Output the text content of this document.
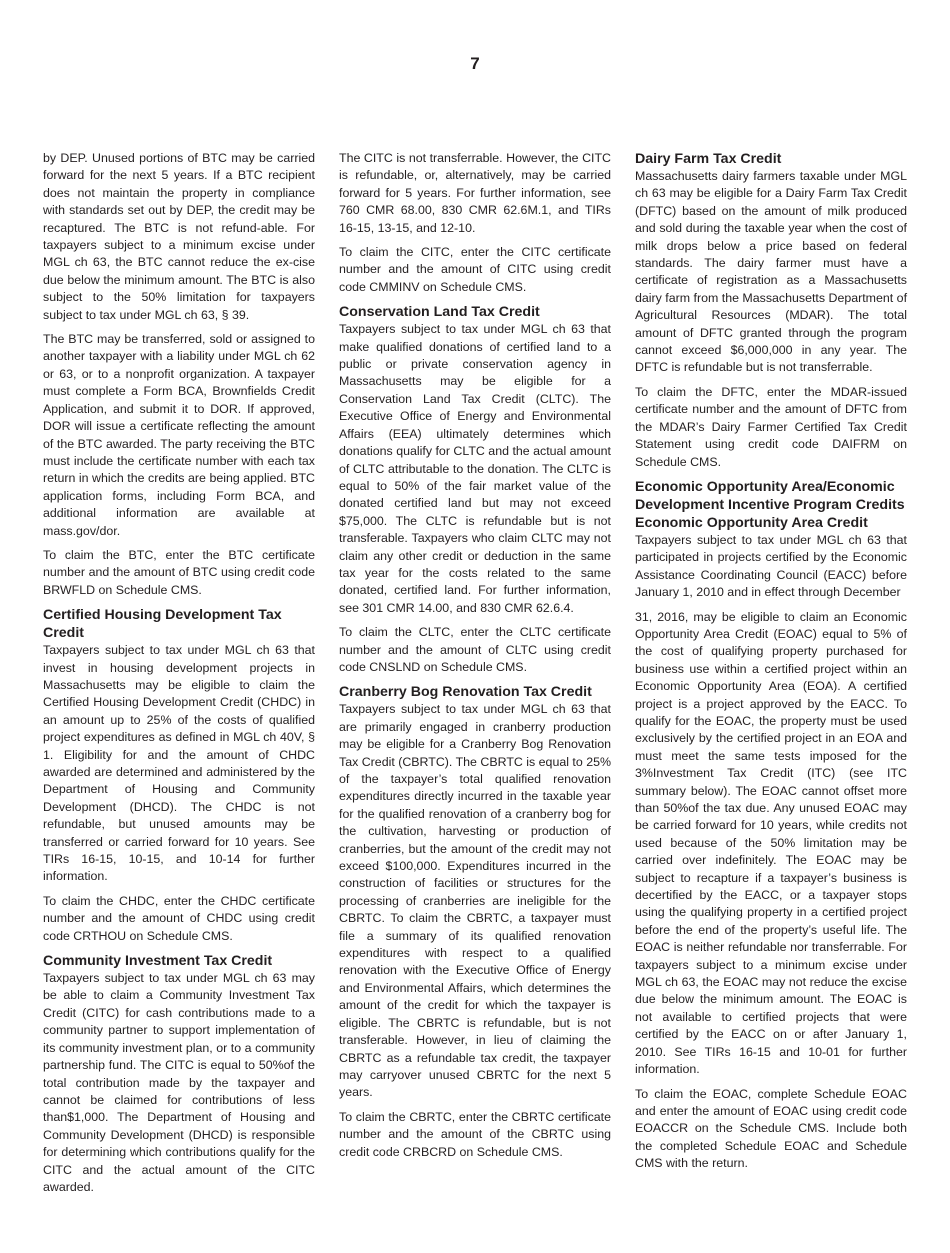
7

by DEP. Unused portions of BTC may be carried forward for the next 5 years. If a BTC recipient does not maintain the property in compliance with standards set out by DEP, the credit may be recaptured. The BTC is not refund-able. For taxpayers subject to a minimum excise under MGL ch 63, the BTC cannot reduce the ex-cise due below the minimum amount. The BTC is also subject to the 50% limitation for taxpayers subject to tax under MGL ch 63, § 39.

The BTC may be transferred, sold or assigned to another taxpayer with a liability under MGL ch 62 or 63, or to a nonprofit organization. A taxpayer must complete a Form BCA, Brownfields Credit Application, and submit it to DOR. If approved, DOR will issue a certificate reflecting the amount of the BTC awarded. The party receiving the BTC must include the certificate number with each tax return in which the credits are being applied. BTC application forms, including Form BCA, and additional information are available at mass.gov/dor.

To claim the BTC, enter the BTC certificate number and the amount of BTC using credit code BRWFLD on Schedule CMS.

Certified Housing Development Tax Credit

Taxpayers subject to tax under MGL ch 63 that invest in housing development projects in Massachusetts may be eligible to claim the Certified Housing Development Credit (CHDC) in an amount up to 25% of the costs of qualified project expenditures as defined in MGL ch 40V, § 1. Eligibility for and the amount of CHDC awarded are determined and administered by the Department of Housing and Community Development (DHCD). The CHDC is not refundable, but unused amounts may be transferred or carried forward for 10 years. See TIRs 16-15, 10-15, and 10-14 for further information.

To claim the CHDC, enter the CHDC certificate number and the amount of CHDC using credit code CRTHOU on Schedule CMS.

Community Investment Tax Credit

Taxpayers subject to tax under MGL ch 63 may be able to claim a Community Investment Tax Credit (CITC) for cash contributions made to a community partner to support implementation of its community investment plan, or to a community partnership fund. The CITC is equal to 50%of the total contribution made by the taxpayer and cannot be claimed for contributions of less than$1,000. The Department of Housing and Community Development (DHCD) is responsible for determining which contributions qualify for the CITC and the actual amount of the CITC awarded.

The CITC is not transferrable. However, the CITC is refundable, or, alternatively, may be carried forward for 5 years. For further information, see 760 CMR 68.00, 830 CMR 62.6M.1, and TIRs 16-15, 13-15, and 12-10.

To claim the CITC, enter the CITC certificate number and the amount of CITC using credit code CMMINV on Schedule CMS.

Conservation Land Tax Credit

Taxpayers subject to tax under MGL ch 63 that make qualified donations of certified land to a public or private conservation agency in Massachusetts may be eligible for a Conservation Land Tax Credit (CLTC). The Executive Office of Energy and Environmental Affairs (EEA) ultimately determines which donations qualify for CLTC and the actual amount of CLTC attributable to the donation. The CLTC is equal to 50% of the fair market value of the donated certified land but may not exceed $75,000. The CLTC is refundable but is not transferable. Taxpayers who claim CLTC may not claim any other credit or deduction in the same tax year for the costs related to the same donated, certified land. For further information, see 301 CMR 14.00, and 830 CMR 62.6.4.

To claim the CLTC, enter the CLTC certificate number and the amount of CLTC using credit code CNSLND on Schedule CMS.

Cranberry Bog Renovation Tax Credit

Taxpayers subject to tax under MGL ch 63 that are primarily engaged in cranberry production may be eligible for a Cranberry Bog Renovation Tax Credit (CBRTC). The CBRTC is equal to 25% of the taxpayer’s total qualified renovation expenditures directly incurred in the taxable year for the qualified renovation of a cranberry bog for the cultivation, harvesting or production of cranberries, but the amount of the credit may not exceed $100,000. Expenditures incurred in the construction of facilities or structures for the processing of cranberries are ineligible for the CBRTC. To claim the CBRTC, a taxpayer must file a summary of its qualified renovation expenditures with respect to a qualified renovation with the Executive Office of Energy and Environmental Affairs, which determines the amount of the credit for which the taxpayer is eligible. The CBRTC is refundable, but is not transferable. However, in lieu of claiming the CBRTC as a refundable tax credit, the taxpayer may carryover unused CBRTC for the next 5 years.

To claim the CBRTC, enter the CBRTC certificate number and the amount of the CBRTC using credit code CRBCRD on Schedule CMS.

Dairy Farm Tax Credit

Massachusetts dairy farmers taxable under MGL ch 63 may be eligible for a Dairy Farm Tax Credit (DFTC) based on the amount of milk produced and sold during the taxable year when the cost of milk drops below a price based on federal standards. The dairy farmer must have a certificate of registration as a Massachusetts dairy farm from the Massachusetts Department of Agricultural Resources (MDAR). The total amount of DFTC granted through the program cannot exceed $6,000,000 in any year. The DFTC is refundable but is not transferrable.

To claim the DFTC, enter the MDAR-issued certificate number and the amount of DFTC from the MDAR’s Dairy Farmer Certified Tax Credit Statement using credit code DAIFRM on Schedule CMS.

Economic Opportunity Area/Economic Development Incentive Program Credits
Economic Opportunity Area Credit

Taxpayers subject to tax under MGL ch 63 that participated in projects certified by the Economic Assistance Coordinating Council (EACC) before January 1, 2010 and in effect through December

31, 2016, may be eligible to claim an Economic Opportunity Area Credit (EOAC) equal to 5% of the cost of qualifying property purchased for business use within a certified project within an Economic Opportunity Area (EOA). A certified project is a project approved by the EACC. To qualify for the EOAC, the property must be used exclusively by the certified project in an EOA and must meet the same tests imposed for the 3%Investment Tax Credit (ITC) (see ITC summary below). The EOAC cannot offset more than 50%of the tax due. Any unused EOAC may be carried forward for 10 years, while credits not used because of the 50% limitation may be carried over indefinitely. The EOAC may be subject to recapture if a taxpayer’s business is decertified by the EACC, or a taxpayer stops using the qualifying property in a certified project before the end of the property’s useful life. The EOAC is neither refundable nor transferrable. For taxpayers subject to a minimum excise under MGL ch 63, the EOAC may not reduce the excise due below the minimum amount. The EOAC is not available to certified projects that were certified by the EACC on or after January 1, 2010. See TIRs 16-15 and 10-01 for further information.

To claim the EOAC, complete Schedule EOAC and enter the amount of EOAC using credit code EOACCR on the Schedule CMS. Include both the completed Schedule EOAC and Schedule CMS with the return.
